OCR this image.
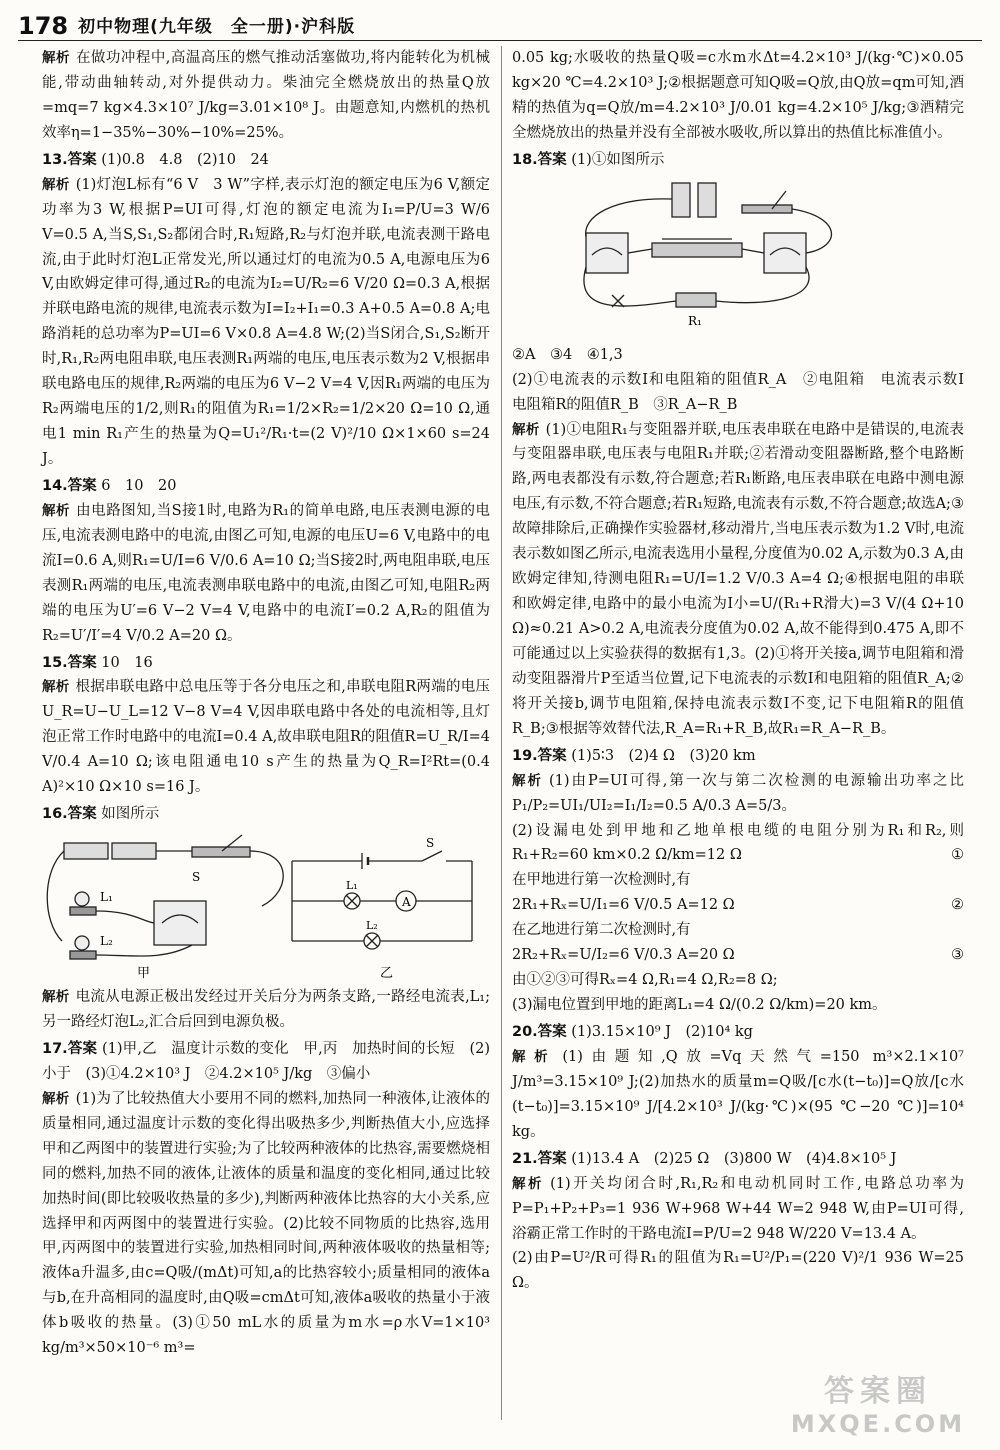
178 初中物理(九年级　全一册)·沪科版

解析 在做功冲程中,高温高压的燃气推动活塞做功,将内能转化为机械能,带动曲轴转动,对外提供动力。柴油完全燃烧放出的热量Q放=mq=7 kg×4.3×10⁷ J/kg=3.01×10⁸ J。由题意知,内燃机的热机效率η=1−35%−30%−10%=25%。

13.答案 (1)0.8　4.8　(2)10　24

解析 (1)灯泡L标有“6 V　3 W”字样,表示灯泡的额定电压为6 V,额定功率为3 W,根据P=UI可得,灯泡的额定电流为I₁=P/U=3 W/6 V=0.5 A,当S,S₁,S₂都闭合时,R₁短路,R₂与灯泡并联,电流表测干路电流,由于此时灯泡L正常发光,所以通过灯的电流为0.5 A,电源电压为6 V,由欧姆定律可得,通过R₂的电流为I₂=U/R₂=6 V/20 Ω=0.3 A,根据并联电路电流的规律,电流表示数为I=I₂+I₁=0.3 A+0.5 A=0.8 A;电路消耗的总功率为P=UI=6 V×0.8 A=4.8 W;(2)当S闭合,S₁,S₂断开时,R₁,R₂两电阻串联,电压表测R₁两端的电压,电压表示数为2 V,根据串联电路电压的规律,R₂两端的电压为6 V−2 V=4 V,因R₁两端的电压为R₂两端电压的1/2,则R₁的阻值为R₁=1/2×R₂=1/2×20 Ω=10 Ω,通电1 min R₁产生的热量为Q=U₁²/R₁·t=(2 V)²/10 Ω×1×60 s=24 J。

14.答案 6　10　20

解析 由电路图知,当S接1时,电路为R₁的简单电路,电压表测电源的电压,电流表测电路中的电流,由图乙可知,电源的电压U=6 V,电路中的电流I=0.6 A,则R₁=U/I=6 V/0.6 A=10 Ω;当S接2时,两电阻串联,电压表测R₁两端的电压,电流表测串联电路中的电流,由图乙可知,电阻R₂两端的电压为U′=6 V−2 V=4 V,电路中的电流I′=0.2 A,R₂的阻值为R₂=U′/I′=4 V/0.2 A=20 Ω。

15.答案 10　16

解析 根据串联电路中总电压等于各分电压之和,串联电阻R两端的电压U_R=U−U_L=12 V−8 V=4 V,因串联电路中各处的电流相等,且灯泡正常工作时电路中的电流I=0.4 A,故串联电阻R的阻值R=U_R/I=4 V/0.4 A=10 Ω;该电阻通电10 s产生的热量为Q_R=I²Rt=(0.4 A)²×10 Ω×10 s=16 J。

16.答案 如图所示

L₁
L₂
S
甲
A
S
L₁
L₂
乙

解析 电流从电源正极出发经过开关后分为两条支路,一路经电流表,L₁;另一路经灯泡L₂,汇合后回到电源负极。

17.答案 (1)甲,乙　温度计示数的变化　甲,丙　加热时间的长短　(2)小于　(3)①4.2×10³ J　②4.2×10⁵ J/kg　③偏小

解析 (1)为了比较热值大小要用不同的燃料,加热同一种液体,让液体的质量相同,通过温度计示数的变化得出吸热多少,判断热值大小,应选择甲和乙两图中的装置进行实验;为了比较两种液体的比热容,需要燃烧相同的燃料,加热不同的液体,让液体的质量和温度的变化相同,通过比较加热时间(即比较吸收热量的多少),判断两种液体比热容的大小关系,应选择甲和丙两图中的装置进行实验。(2)比较不同物质的比热容,选用甲,丙两图中的装置进行实验,加热相同时间,两种液体吸收的热量相等;液体a升温多,由c=Q吸/(mΔt)可知,a的比热容较小;质量相同的液体a与b,在升高相同的温度时,由Q吸=cmΔt可知,液体a吸收的热量小于液体b吸收的热量。(3)①50 mL水的质量为m水=ρ水V=1×10³ kg/m³×50×10⁻⁶ m³=

0.05 kg;水吸收的热量Q吸=c水m水Δt=4.2×10³ J/(kg·℃)×0.05 kg×20 ℃=4.2×10³ J;②根据题意可知Q吸=Q放,由Q放=qm可知,酒精的热值为q=Q放/m=4.2×10³ J/0.01 kg=4.2×10⁵ J/kg;③酒精完全燃烧放出的热量并没有全部被水吸收,所以算出的热值比标准值小。

18.答案 (1)①如图所示

R₁

②A　③4　④1,3

(2)①电流表的示数I和电阻箱的阻值R_A　②电阻箱　电流表示数I　电阻箱R的阻值R_B　③R_A−R_B

解析 (1)①电阻R₁与变阻器并联,电压表串联在电路中是错误的,电流表与变阻器串联,电压表与电阻R₁并联;②若滑动变阻器断路,整个电路断路,两电表都没有示数,符合题意;若R₁断路,电压表串联在电路中测电源电压,有示数,不符合题意;若R₁短路,电流表有示数,不符合题意;故选A;③故障排除后,正确操作实验器材,移动滑片,当电压表示数为1.2 V时,电流表示数如图乙所示,电流表选用小量程,分度值为0.02 A,示数为0.3 A,由欧姆定律知,待测电阻R₁=U/I=1.2 V/0.3 A=4 Ω;④根据电阻的串联和欧姆定律,电路中的最小电流为I小=U/(R₁+R滑大)=3 V/(4 Ω+10 Ω)≈0.21 A>0.2 A,电流表分度值为0.02 A,故不能得到0.475 A,即不可能通过以上实验获得的数据有1,3。(2)①将开关接a,调节电阻箱和滑动变阻器滑片P至适当位置,记下电流表的示数I和电阻箱的阻值R_A;②将开关接b,调节电阻箱,保持电流表示数I不变,记下电阻箱R的阻值R_B;③根据等效替代法,R_A=R₁+R_B,故R₁=R_A−R_B。

19.答案 (1)5∶3　(2)4 Ω　(3)20 km

解析 (1)由P=UI可得,第一次与第二次检测的电源输出功率之比P₁/P₂=UI₁/UI₂=I₁/I₂=0.5 A/0.3 A=5/3。

(2)设漏电处到甲地和乙地单根电缆的电阻分别为R₁和R₂,则R₁+R₂=60 km×0.2 Ω/km=12 Ω	①

在甲地进行第一次检测时,有

2R₁+Rₓ=U/I₁=6 V/0.5 A=12 Ω	②

在乙地进行第二次检测时,有

2R₂+Rₓ=U/I₂=6 V/0.3 A=20 Ω	③

由①②③可得Rₓ=4 Ω,R₁=4 Ω,R₂=8 Ω;

(3)漏电位置到甲地的距离L₁=4 Ω/(0.2 Ω/km)=20 km。

20.答案 (1)3.15×10⁹ J　(2)10⁴ kg

解析 (1)由题知,Q放=Vq天然气=150 m³×2.1×10⁷ J/m³=3.15×10⁹ J;(2)加热水的质量m=Q吸/[c水(t−t₀)]=Q放/[c水(t−t₀)]=3.15×10⁹ J/[4.2×10³ J/(kg·℃)×(95 ℃−20 ℃)]=10⁴ kg。

21.答案 (1)13.4 A　(2)25 Ω　(3)800 W　(4)4.8×10⁵ J

解析 (1)开关均闭合时,R₁,R₂和电动机同时工作,电路总功率为P=P₁+P₂+P₃=1 936 W+968 W+44 W=2 948 W,由P=UI可得,浴霸正常工作时的干路电流I=P/U=2 948 W/220 V=13.4 A。

(2)由P=U²/R可得R₁的阻值为R₁=U²/P₁=(220 V)²/1 936 W=25 Ω。

答案圈
MXQE.COM
